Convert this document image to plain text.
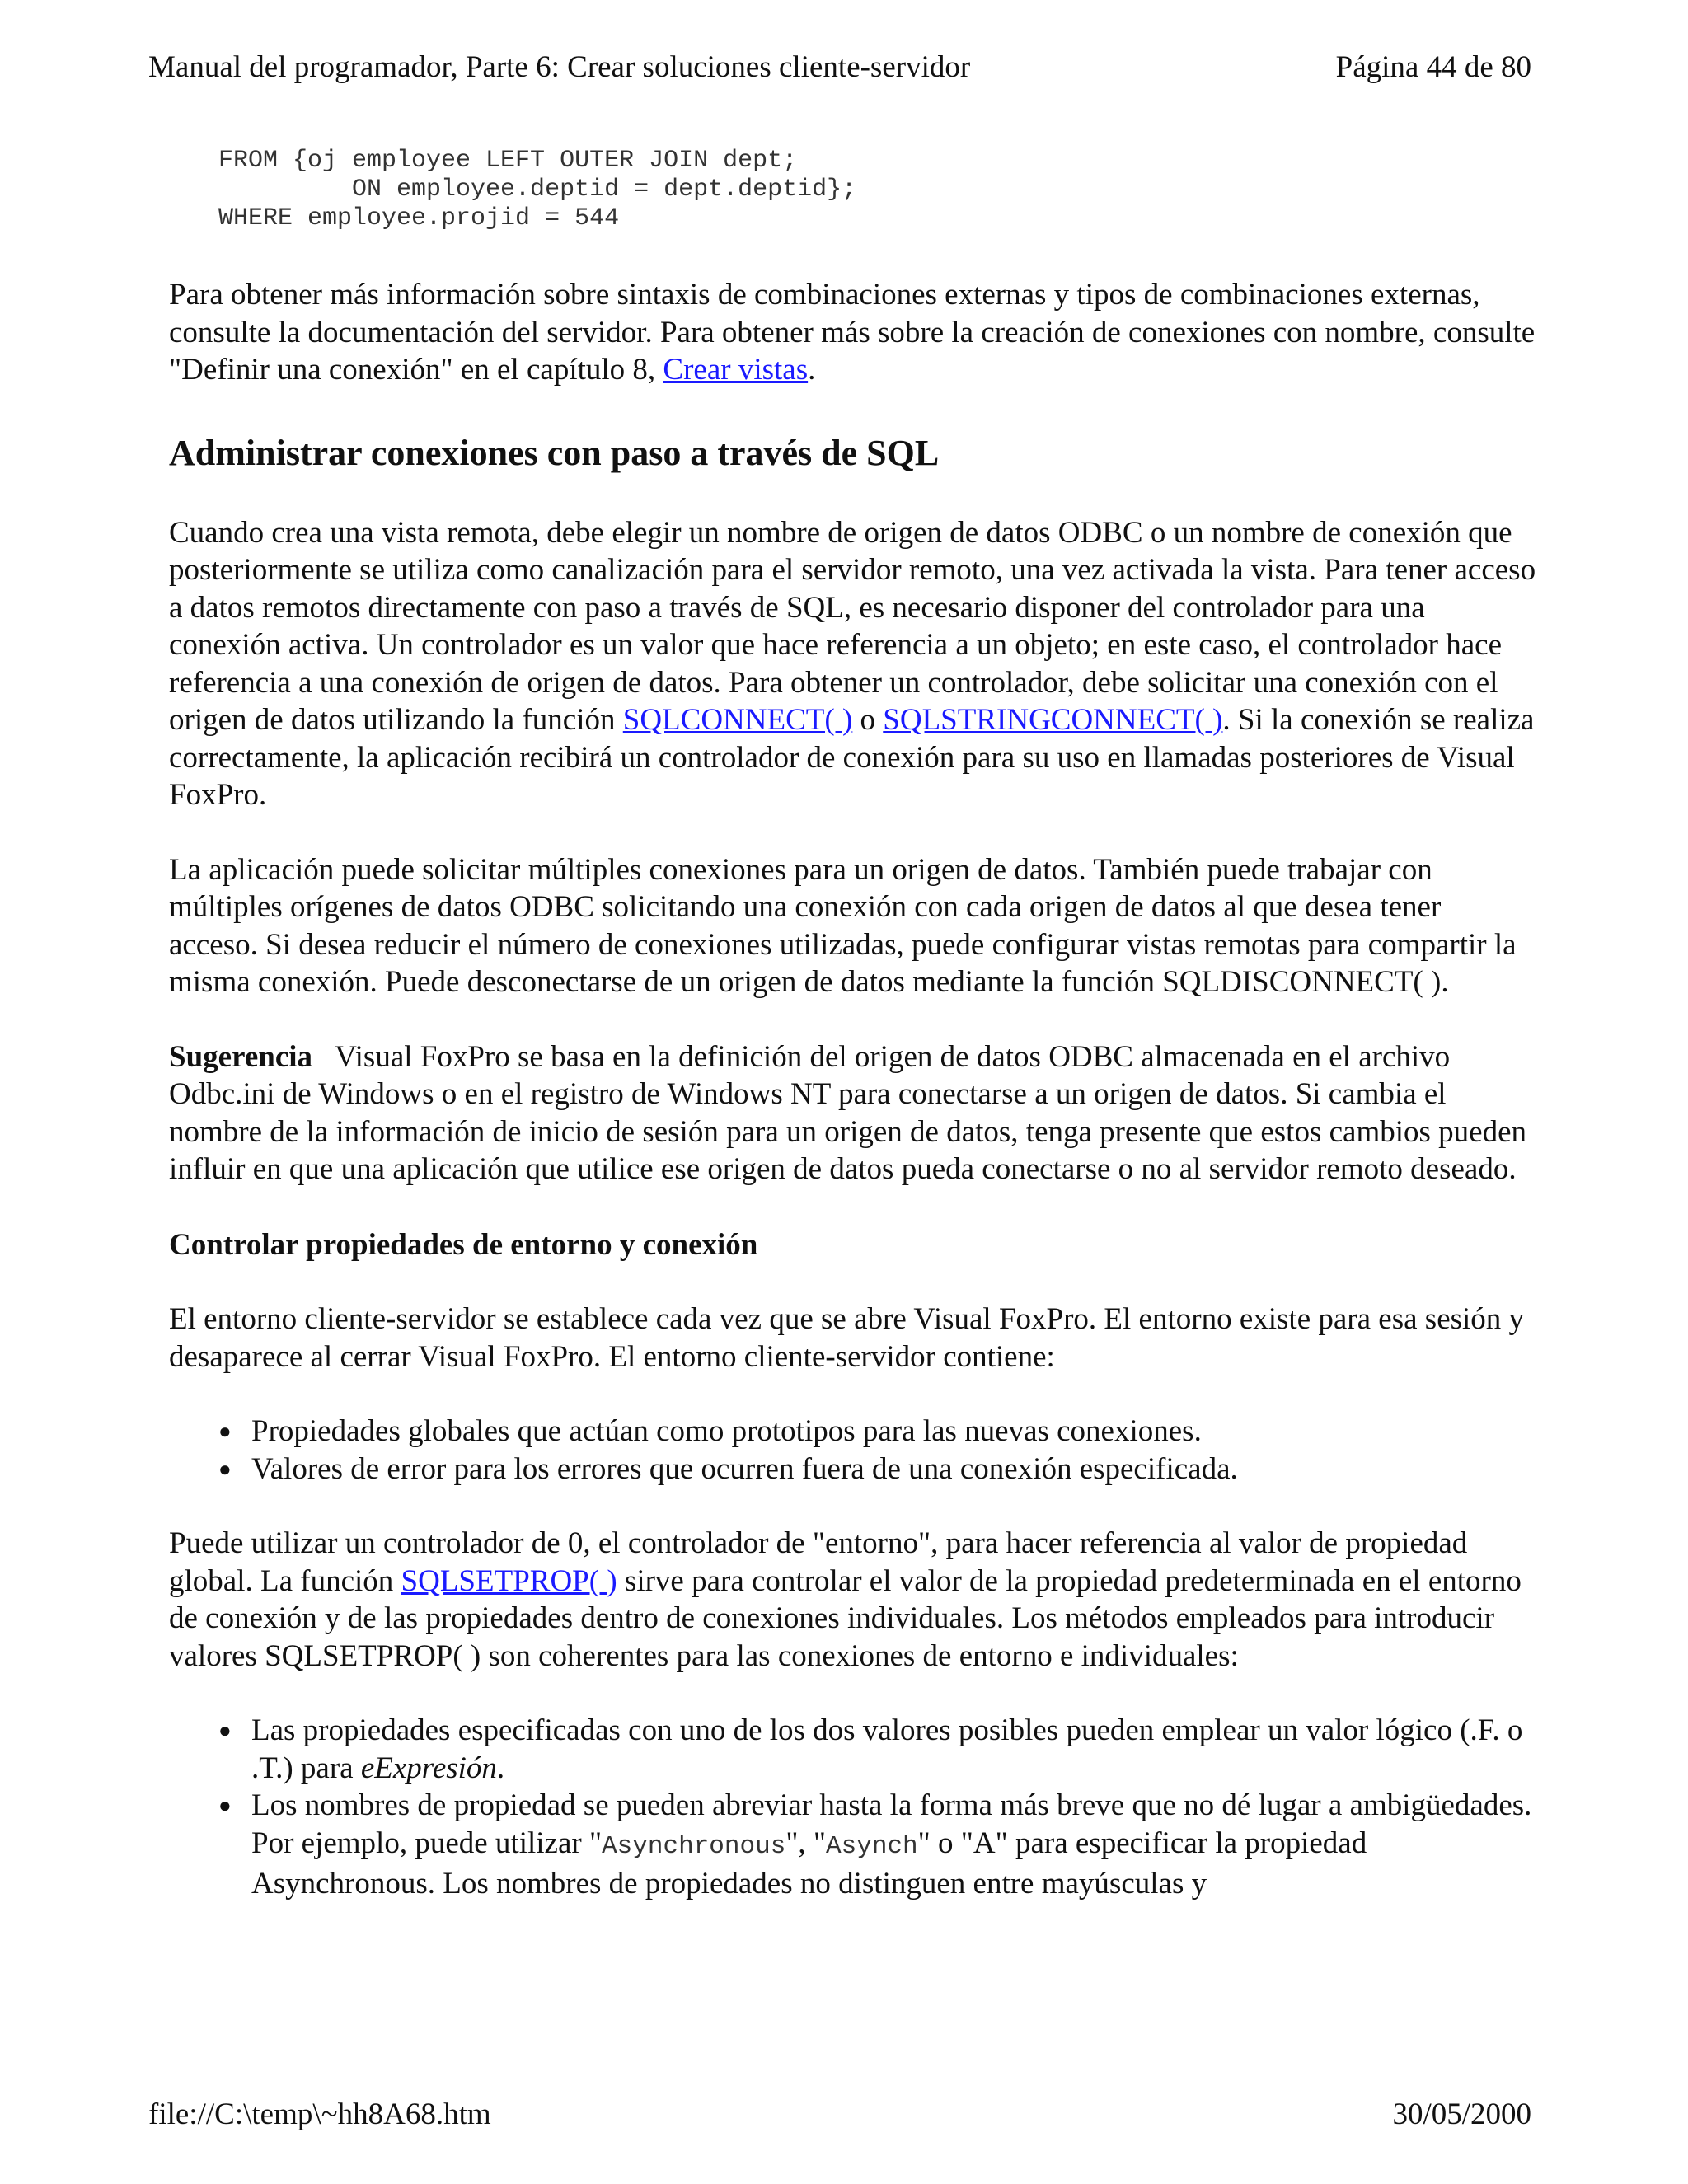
Manual del programador, Parte 6: Crear soluciones cliente-servidor	Página 44 de 80
FROM {oj employee LEFT OUTER JOIN dept;
ON employee.deptid = dept.deptid};
WHERE employee.projid = 544

Para obtener más información sobre sintaxis de combinaciones externas y tipos de combinaciones externas, consulte la documentación del servidor. Para obtener más sobre la creación de conexiones con nombre, consulte "Definir una conexión" en el capítulo 8, Crear vistas.

Administrar conexiones con paso a través de SQL

Cuando crea una vista remota, debe elegir un nombre de origen de datos ODBC o un nombre de conexión que posteriormente se utiliza como canalización para el servidor remoto, una vez activada la vista. Para tener acceso a datos remotos directamente con paso a través de SQL, es necesario disponer del controlador para una conexión activa. Un controlador es un valor que hace referencia a un objeto; en este caso, el controlador hace referencia a una conexión de origen de datos. Para obtener un controlador, debe solicitar una conexión con el origen de datos utilizando la función SQLCONNECT( ) o SQLSTRINGCONNECT( ). Si la conexión se realiza correctamente, la aplicación recibirá un controlador de conexión para su uso en llamadas posteriores de Visual FoxPro.

La aplicación puede solicitar múltiples conexiones para un origen de datos. También puede trabajar con múltiples orígenes de datos ODBC solicitando una conexión con cada origen de datos al que desea tener acceso. Si desea reducir el número de conexiones utilizadas, puede configurar vistas remotas para compartir la misma conexión. Puede desconectarse de un origen de datos mediante la función SQLDISCONNECT( ).

Sugerencia Visual FoxPro se basa en la definición del origen de datos ODBC almacenada en el archivo Odbc.ini de Windows o en el registro de Windows NT para conectarse a un origen de datos. Si cambia el nombre de la información de inicio de sesión para un origen de datos, tenga presente que estos cambios pueden influir en que una aplicación que utilice ese origen de datos pueda conectarse o no al servidor remoto deseado.

Controlar propiedades de entorno y conexión

El entorno cliente-servidor se establece cada vez que se abre Visual FoxPro. El entorno existe para esa sesión y desaparece al cerrar Visual FoxPro. El entorno cliente-servidor contiene:

● Propiedades globales que actúan como prototipos para las nuevas conexiones.
● Valores de error para los errores que ocurren fuera de una conexión especificada.

Puede utilizar un controlador de 0, el controlador de "entorno", para hacer referencia al valor de propiedad global. La función SQLSETPROP( ) sirve para controlar el valor de la propiedad predeterminada en el entorno de conexión y de las propiedades dentro de conexiones individuales. Los métodos empleados para introducir valores SQLSETPROP( ) son coherentes para las conexiones de entorno e individuales:

● Las propiedades especificadas con uno de los dos valores posibles pueden emplear un valor lógico (.F. o .T.) para eExpresión.
● Los nombres de propiedad se pueden abreviar hasta la forma más breve que no dé lugar a ambigüedades. Por ejemplo, puede utilizar "Asynchronous", "Asynch" o "A" para especificar la propiedad Asynchronous. Los nombres de propiedades no distinguen entre mayúsculas y
file://C:\temp\~hh8A68.htm	30/05/2000
